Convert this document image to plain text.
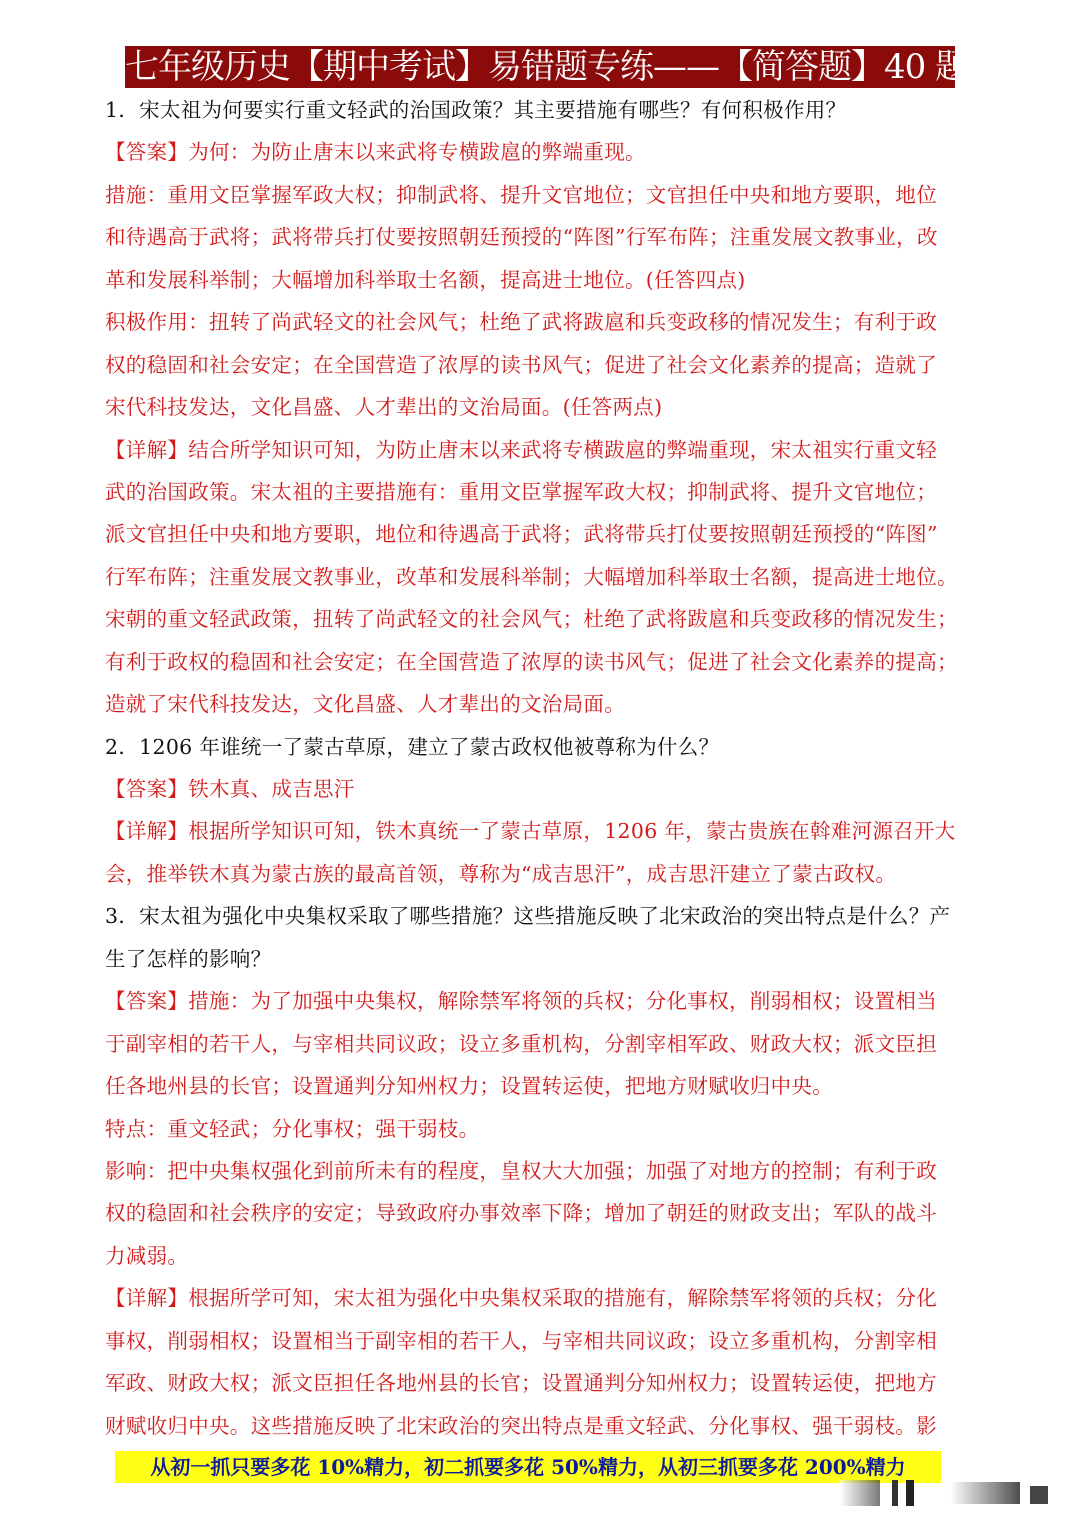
七年级历史【期中考试】易错题专练——【简答题】40 题
1．宋太祖为何要实行重文轻武的治国政策？其主要措施有哪些？有何积极作用？
【答案】为何：为防止唐末以来武将专横跋扈的弊端重现。
措施：重用文臣掌握军政大权；抑制武将、提升文官地位；文官担任中央和地方要职，地位
和待遇高于武将；武将带兵打仗要按照朝廷预授的“阵图”行军布阵；注重发展文教事业，改
革和发展科举制；大幅增加科举取士名额，提高进士地位。(任答四点)
积极作用：扭转了尚武轻文的社会风气；杜绝了武将跋扈和兵变政移的情况发生；有利于政
权的稳固和社会安定；在全国营造了浓厚的读书风气；促进了社会文化素养的提高；造就了
宋代科技发达，文化昌盛、人才辈出的文治局面。(任答两点)
【详解】结合所学知识可知，为防止唐末以来武将专横跋扈的弊端重现，宋太祖实行重文轻
武的治国政策。宋太祖的主要措施有：重用文臣掌握军政大权；抑制武将、提升文官地位；
派文官担任中央和地方要职，地位和待遇高于武将；武将带兵打仗要按照朝廷预授的“阵图”
行军布阵；注重发展文教事业，改革和发展科举制；大幅增加科举取士名额，提高进士地位。
宋朝的重文轻武政策，扭转了尚武轻文的社会风气；杜绝了武将跋扈和兵变政移的情况发生；
有利于政权的稳固和社会安定；在全国营造了浓厚的读书风气；促进了社会文化素养的提高；
造就了宋代科技发达，文化昌盛、人才辈出的文治局面。
2．1206 年谁统一了蒙古草原，建立了蒙古政权他被尊称为什么？
【答案】铁木真、成吉思汗
【详解】根据所学知识可知，铁木真统一了蒙古草原，1206 年，蒙古贵族在斡难河源召开大
会，推举铁木真为蒙古族的最高首领，尊称为“成吉思汗”，成吉思汗建立了蒙古政权。
3．宋太祖为强化中央集权采取了哪些措施？这些措施反映了北宋政治的突出特点是什么？产
生了怎样的影响？
【答案】措施：为了加强中央集权，解除禁军将领的兵权；分化事权，削弱相权；设置相当
于副宰相的若干人，与宰相共同议政；设立多重机构，分割宰相军政、财政大权；派文臣担
任各地州县的长官；设置通判分知州权力；设置转运使，把地方财赋收归中央。
特点：重文轻武；分化事权；强干弱枝。
影响：把中央集权强化到前所未有的程度，皇权大大加强；加强了对地方的控制；有利于政
权的稳固和社会秩序的安定；导致政府办事效率下降；增加了朝廷的财政支出；军队的战斗
力减弱。
【详解】根据所学可知，宋太祖为强化中央集权采取的措施有，解除禁军将领的兵权；分化
事权，削弱相权；设置相当于副宰相的若干人，与宰相共同议政；设立多重机构，分割宰相
军政、财政大权；派文臣担任各地州县的长官；设置通判分知州权力；设置转运使，把地方
财赋收归中央。这些措施反映了北宋政治的突出特点是重文轻武、分化事权、强干弱枝。影
从初一抓只要多花 10%精力，初二抓要多花 50%精力，从初三抓要多花 200%精力
